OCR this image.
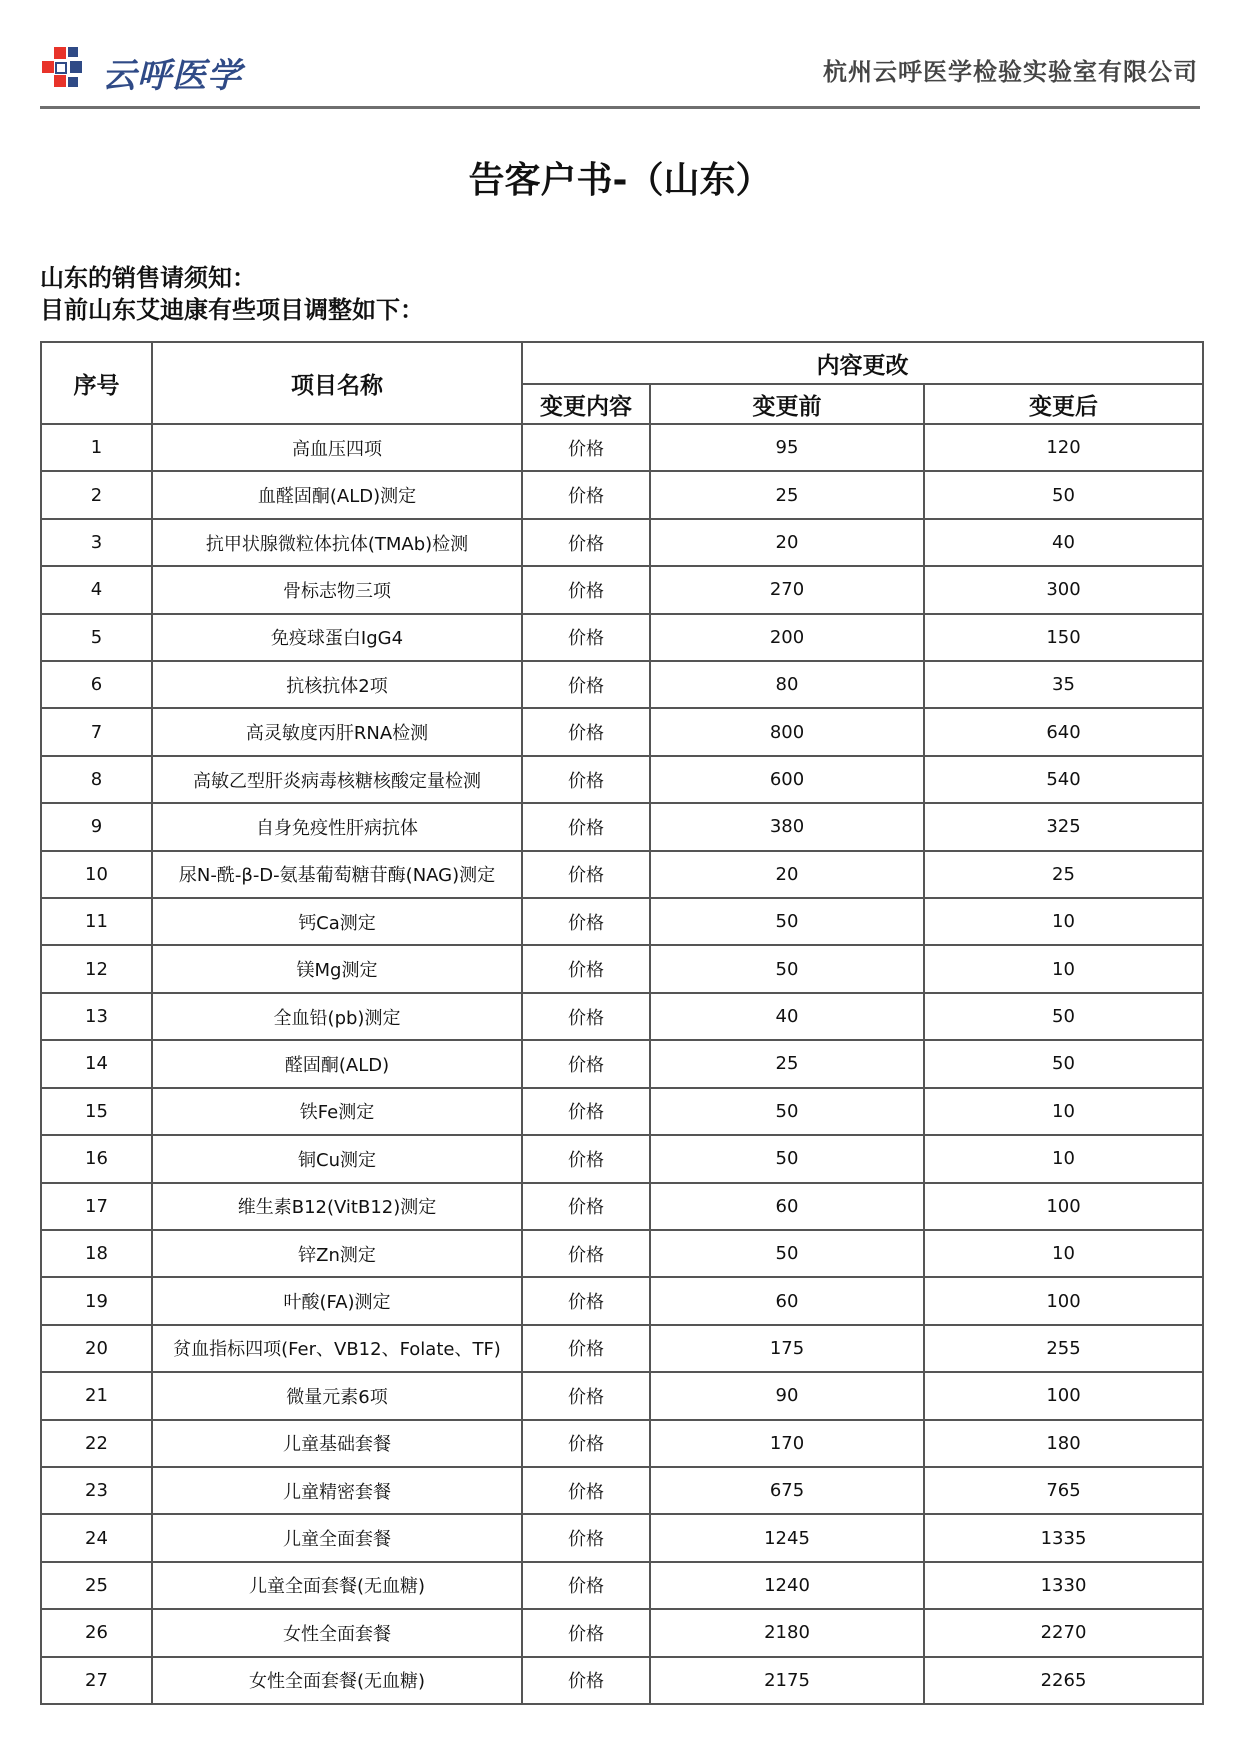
云呼医学	杭州云呼医学检验实验室有限公司
告客户书-（山东）
山东的销售请须知：
目前山东艾迪康有些项目调整如下：
序号	项目名称	内容更改		
		变更内容	变更前	变更后
1	高血压四项	价格	95	120
2	血醛固酮(ALD)测定	价格	25	50
3	抗甲状腺微粒体抗体(TMAb)检测	价格	20	40
4	骨标志物三项	价格	270	300
5	免疫球蛋白IgG4	价格	200	150
6	抗核抗体2项	价格	80	35
7	高灵敏度丙肝RNA检测	价格	800	640
8	高敏乙型肝炎病毒核糖核酸定量检测	价格	600	540
9	自身免疫性肝病抗体	价格	380	325
10	尿N-酰-β-D-氨基葡萄糖苷酶(NAG)测定	价格	20	25
11	钙Ca测定	价格	50	10
12	镁Mg测定	价格	50	10
13	全血铅(pb)测定	价格	40	50
14	醛固酮(ALD)	价格	25	50
15	铁Fe测定	价格	50	10
16	铜Cu测定	价格	50	10
17	维生素B12(VitB12)测定	价格	60	100
18	锌Zn测定	价格	50	10
19	叶酸(FA)测定	价格	60	100
20	贫血指标四项(Fer、VB12、Folate、TF)	价格	175	255
21	微量元素6项	价格	90	100
22	儿童基础套餐	价格	170	180
23	儿童精密套餐	价格	675	765
24	儿童全面套餐	价格	1245	1335
25	儿童全面套餐(无血糖)	价格	1240	1330
26	女性全面套餐	价格	2180	2270
27	女性全面套餐(无血糖)	价格	2175	2265
